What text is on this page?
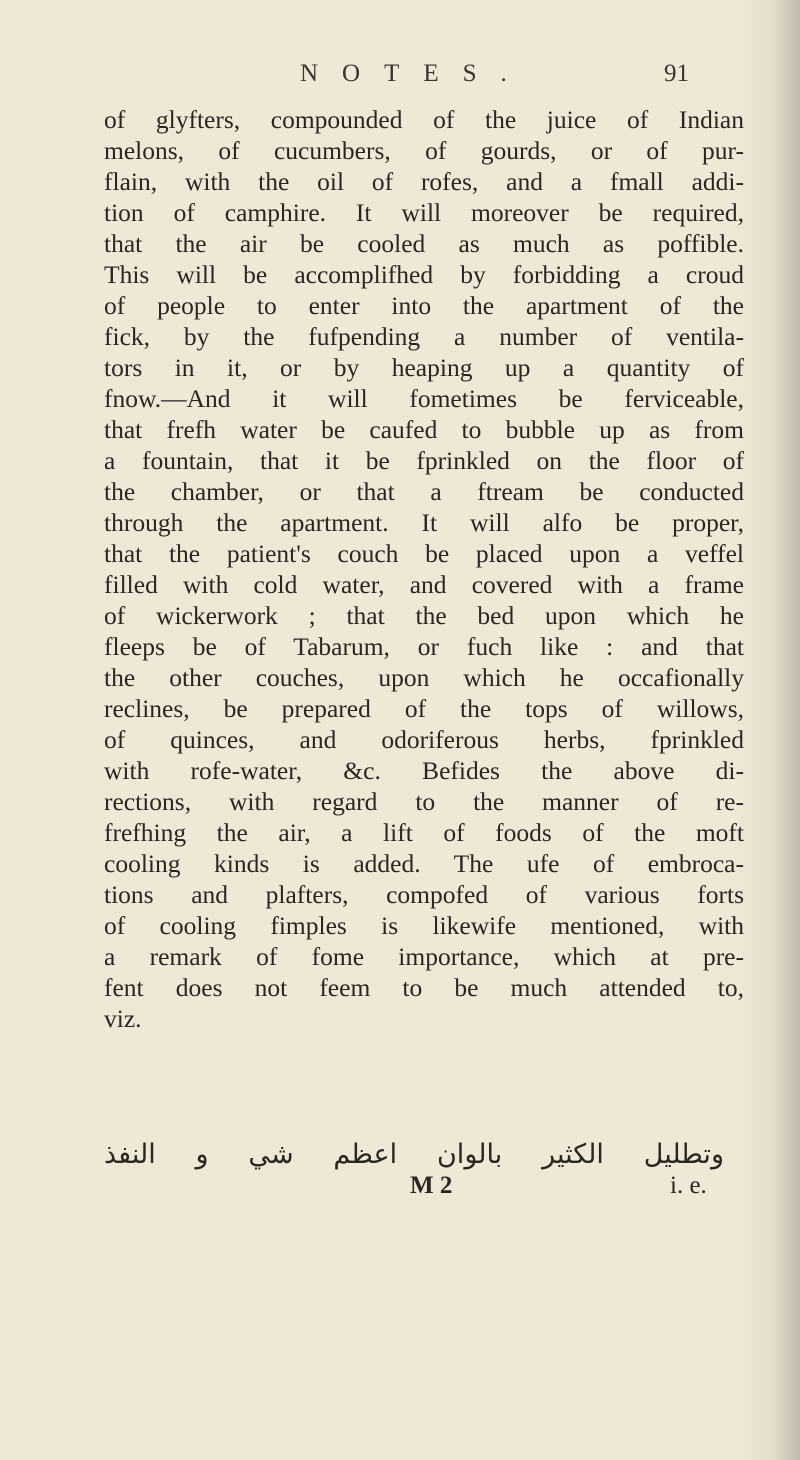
NOTES.	91
of glyfters, compounded of the juice of Indian
melons, of cucumbers, of gourds, or of pur-
flain, with the oil of rofes, and a fmall addi-
tion of camphire. It will moreover be required,
that the air be cooled as much as poffible.
This will be accomplifhed by forbidding a croud
of people to enter into the apartment of the
fick, by the fufpending a number of ventila-
tors in it, or by heaping up a quantity of
fnow.—And it will fometimes be ferviceable,
that frefh water be caufed to bubble up as from
a fountain, that it be fprinkled on the floor of
the chamber, or that a ftream be conducted
through the apartment. It will alfo be proper,
that the patient's couch be placed upon a veffel
filled with cold water, and covered with a frame
of wickerwork ; that the bed upon which he
fleeps be of Tabarum, or fuch like : and that
the other couches, upon which he occafionally
reclines, be prepared of the tops of willows,
of quinces, and odoriferous herbs, fprinkled
with rofe-water, &c. Befides the above di-
rections, with regard to the manner of re-
frefhing the air, a lift of foods of the moft
cooling kinds is added. The ufe of embroca-
tions and plafters, compofed of various forts
of cooling fimples is likewife mentioned, with
a remark of fome importance, which at pre-
fent does not feem to be much attended to,
viz.
وتطليل الكثير بالوان اعظم شي و النفذ
M 2	i. e.
